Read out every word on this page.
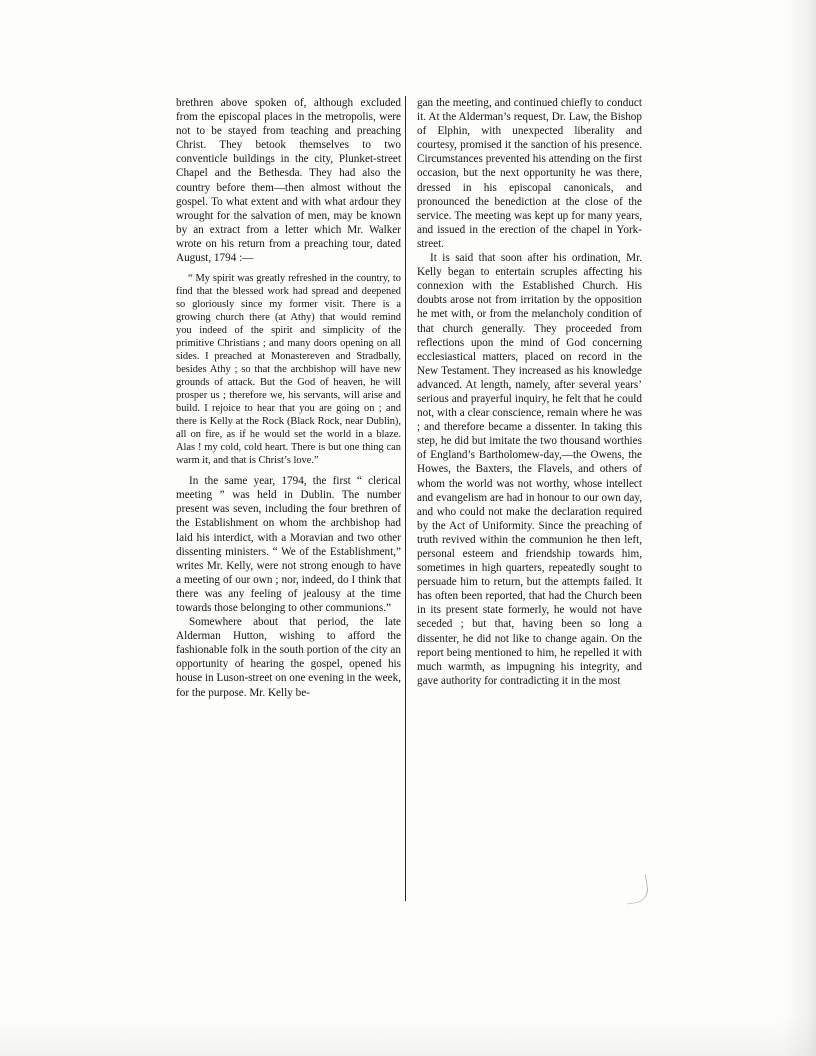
brethren above spoken of, although excluded from the episcopal places in the metropolis, were not to be stayed from teaching and preaching Christ. They betook themselves to two conventicle buildings in the city, Plunket-street Chapel and the Bethesda. They had also the country before them—then almost without the gospel. To what extent and with what ardour they wrought for the salvation of men, may be known by an extract from a letter which Mr. Walker wrote on his return from a preaching tour, dated August, 1794 :—

“ My spirit was greatly refreshed in the country, to find that the blessed work had spread and deepened so gloriously since my former visit. There is a growing church there (at Athy) that would remind you indeed of the spirit and simplicity of the primitive Christians ; and many doors opening on all sides. I preached at Monastereven and Stradbally, besides Athy ; so that the archbishop will have new grounds of attack. But the God of heaven, he will prosper us ; therefore we, his servants, will arise and build. I rejoice to hear that you are going on ; and there is Kelly at the Rock (Black Rock, near Dublin), all on fire, as if he would set the world in a blaze. Alas ! my cold, cold heart. There is but one thing can warm it, and that is Christ’s love.”

In the same year, 1794, the first “ clerical meeting ” was held in Dublin. The number present was seven, including the four brethren of the Establishment on whom the archbishop had laid his interdict, with a Moravian and two other dissenting ministers. “ We of the Establishment,” writes Mr. Kelly, were not strong enough to have a meeting of our own ; nor, indeed, do I think that there was any feeling of jealousy at the time towards those belonging to other communions.”

Somewhere about that period, the late Alderman Hutton, wishing to afford the fashionable folk in the south portion of the city an opportunity of hearing the gospel, opened his house in Luson-street on one evening in the week, for the purpose. Mr. Kelly be-

gan the meeting, and continued chiefly to conduct it. At the Alderman’s request, Dr. Law, the Bishop of Elphin, with unexpected liberality and courtesy, promised it the sanction of his presence. Circumstances prevented his attending on the first occasion, but the next opportunity he was there, dressed in his episcopal canonicals, and pronounced the benediction at the close of the service. The meeting was kept up for many years, and issued in the erection of the chapel in York-street.

It is said that soon after his ordination, Mr. Kelly began to entertain scruples affecting his connexion with the Established Church. His doubts arose not from irritation by the opposition he met with, or from the melancholy condition of that church generally. They proceeded from reflections upon the mind of God concerning ecclesiastical matters, placed on record in the New Testament. They increased as his knowledge advanced. At length, namely, after several years’ serious and prayerful inquiry, he felt that he could not, with a clear conscience, remain where he was ; and therefore became a dissenter. In taking this step, he did but imitate the two thousand worthies of England’s Bartholomew-day,—the Owens, the Howes, the Baxters, the Flavels, and others of whom the world was not worthy, whose intellect and evangelism are had in honour to our own day, and who could not make the declaration required by the Act of Uniformity. Since the preaching of truth revived within the communion he then left, personal esteem and friendship towards him, sometimes in high quarters, repeatedly sought to persuade him to return, but the attempts failed. It has often been reported, that had the Church been in its present state formerly, he would not have seceded ; but that, having been so long a dissenter, he did not like to change again. On the report being mentioned to him, he repelled it with much warmth, as impugning his integrity, and gave authority for contradicting it in the most
